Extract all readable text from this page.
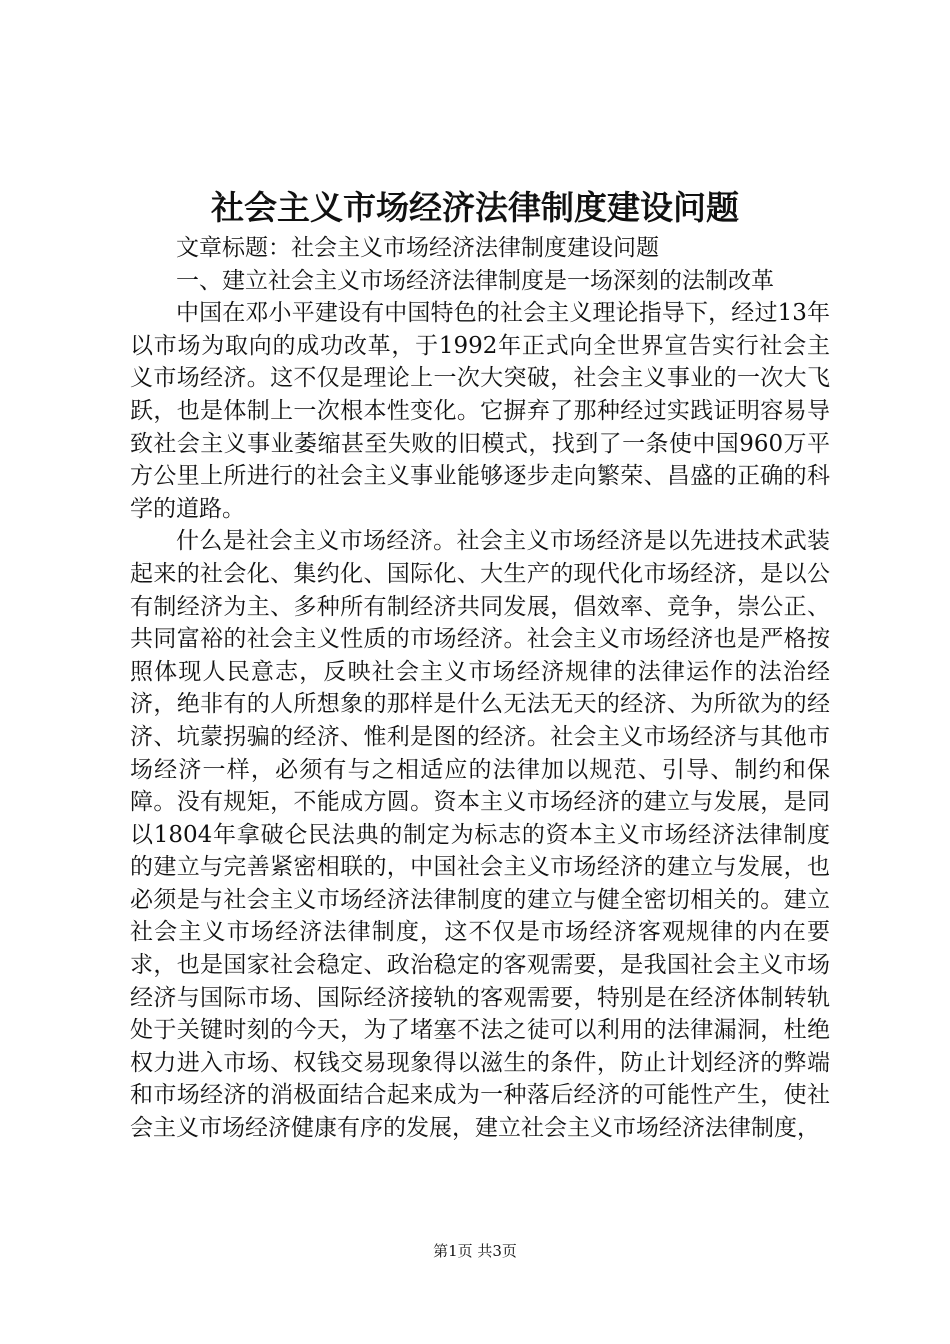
社会主义市场经济法律制度建设问题

文章标题：社会主义市场经济法律制度建设问题

一、建立社会主义市场经济法律制度是一场深刻的法制改革

中国在邓小平建设有中国特色的社会主义理论指导下，经过13年以市场为取向的成功改革，于1992年正式向全世界宣告实行社会主义市场经济。这不仅是理论上一次大突破，社会主义事业的一次大飞跃，也是体制上一次根本性变化。它摒弃了那种经过实践证明容易导致社会主义事业萎缩甚至失败的旧模式，找到了一条使中国960万平方公里上所进行的社会主义事业能够逐步走向繁荣、昌盛的正确的科学的道路。

什么是社会主义市场经济。社会主义市场经济是以先进技术武装起来的社会化、集约化、国际化、大生产的现代化市场经济，是以公有制经济为主、多种所有制经济共同发展，倡效率、竞争，崇公正、共同富裕的社会主义性质的市场经济。社会主义市场经济也是严格按照体现人民意志，反映社会主义市场经济规律的法律运作的法治经济，绝非有的人所想象的那样是什么无法无天的经济、为所欲为的经济、坑蒙拐骗的经济、惟利是图的经济。社会主义市场经济与其他市场经济一样，必须有与之相适应的法律加以规范、引导、制约和保障。没有规矩，不能成方圆。资本主义市场经济的建立与发展，是同以1804年拿破仑民法典的制定为标志的资本主义市场经济法律制度的建立与完善紧密相联的，中国社会主义市场经济的建立与发展，也必须是与社会主义市场经济法律制度的建立与健全密切相关的。建立社会主义市场经济法律制度，这不仅是市场经济客观规律的内在要求，也是国家社会稳定、政治稳定的客观需要，是我国社会主义市场经济与国际市场、国际经济接轨的客观需要，特别是在经济体制转轨处于关键时刻的今天，为了堵塞不法之徒可以利用的法律漏洞，杜绝权力进入市场、权钱交易现象得以滋生的条件，防止计划经济的弊端和市场经济的消极面结合起来成为一种落后经济的可能性产生，使社会主义市场经济健康有序的发展，建立社会主义市场经济法律制度，

第1页 共3页
